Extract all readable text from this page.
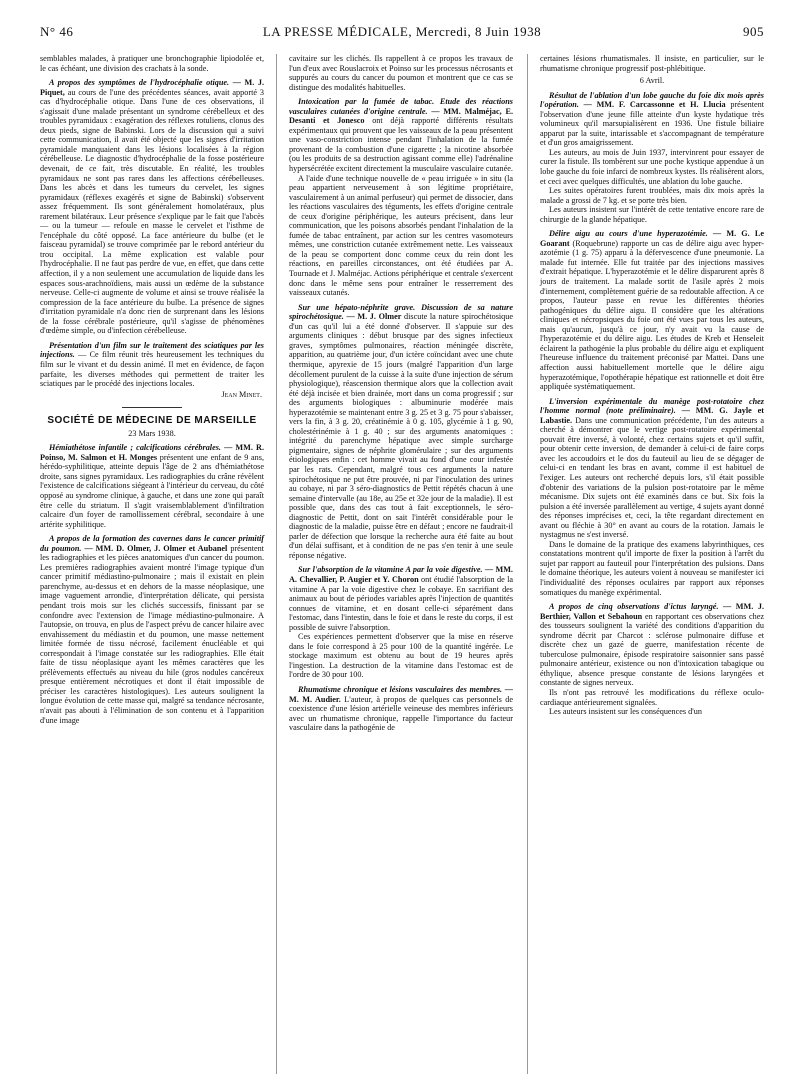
N° 46	LA PRESSE MÉDICALE, Mercredi, 8 Juin 1938	905

semblables malades, à pratiquer une bronchographie lipiodolée et, le cas échéant, une division des crachats à la sonde.

A propos des symptômes de l'hydrocéphalie otique. — M. J. Piquet, au cours de l'une des précédentes séances, avait apporté 3 cas d'hydrocéphalie otique. Dans l'une de ces observations, il s'agissait d'une malade présentant un syndrome cérébelleux et des troubles pyramidaux : exagération des réflexes rotuliens, clonus des deux pieds, signe de Babinski. Lors de la discussion qui a suivi cette communication, il avait été objecté que les signes d'irritation pyramidale manquaient dans les lésions localisées à la région cérébelleuse. Le diagnostic d'hydrocéphalie de la fosse postérieure devenait, de ce fait, très discutable. En réalité, les troubles pyramidaux ne sont pas rares dans les affections cérébelleuses. Dans les abcès et dans les tumeurs du cervelet, les signes pyramidaux (réflexes exagérés et signe de Babinski) s'observent assez fréquemment. Ils sont généralement homolatéraux, plus rarement bilatéraux. Leur présence s'explique par le fait que l'abcès — ou la tumeur — refoule en masse le cervelet et l'isthme de l'encéphale du côté opposé. La face antérieure du bulbe (et le faisceau pyramidal) se trouve comprimée par le rebord antérieur du trou occipital. La même explication est valable pour l'hydrocéphalie. Il ne faut pas perdre de vue, en effet, que dans cette affection, il y a non seulement une accumulation de liquide dans les espaces sous-arachnoïdiens, mais aussi un œdème de la substance nerveuse. Celle-ci augmente de volume et ainsi se trouve réalisée la compression de la face antérieure du bulbe. La présence de signes d'irritation pyramidale n'a donc rien de surprenant dans les lésions de la fosse cérébrale postérieure, qu'il s'agisse de phénomènes d'œdème simple, ou d'infection cérébelleuse.

Présentation d'un film sur le traitement des sciatiques par les injections. — Ce film réunit très heureusement les techniques du film sur le vivant et du dessin animé. Il met en évidence, de façon parfaite, les diverses méthodes qui permettent de traiter les sciatiques par le procédé des injections locales.

Jean Minet.

SOCIÉTÉ DE MÉDECINE DE MARSEILLE

23 Mars 1938.

Hémiathétose infantile ; calcifications cérébrales. — MM. R. Poinso, M. Salmon et H. Monges présentent une enfant de 9 ans, hérédo-syphilitique, atteinte depuis l'âge de 2 ans d'hémiathétose droite, sans signes pyramidaux. Les radiographies du crâne révèlent l'existence de calcifications siégeant à l'intérieur du cerveau, du côté opposé au syndrome clinique, à gauche, et dans une zone qui paraît être celle du striatum. Il s'agit vraisemblablement d'infiltration calcaire d'un foyer de ramollissement cérébral, secondaire à une artérite syphilitique.

A propos de la formation des cavernes dans le cancer primitif du poumon. — MM. D. Olmer, J. Olmer et Aubanel présentent les radiographies et les pièces anatomiques d'un cancer du poumon. Les premières radiographies avaient montré l'image typique d'un cancer primitif médiastino-pulmonaire ; mais il existait en plein parenchyme, au-dessus et en dehors de la masse néoplasique, une image vaguement arrondie, d'interprétation délicate, qui persista pendant trois mois sur les clichés successifs, finissant par se confondre avec l'extension de l'image médiastino-pulmonaire. A l'autopsie, on trouva, en plus de l'aspect prévu de cancer hilaire avec envahissement du médiastin et du poumon, une masse nettement limitée formée de tissu nécrosé, facilement énucléable et qui correspondait à l'image constatée sur les radiographies. Elle était faite de tissu néoplasique ayant les mêmes caractères que les prélèvements effectués au niveau du hile (gros nodules cancéreux presque entièrement nécrotiques et dont il était impossible de préciser les caractères histologiques). Les auteurs soulignent la longue évolution de cette masse qui, malgré sa tendance nécrosante, n'avait pas abouti à l'élimination de son contenu et à l'apparition d'une image

cavitaire sur les clichés. Ils rappellent à ce propos les travaux de l'un d'eux avec Rouslacroix et Poinso sur les processus nécrosants et suppurés au cours du cancer du poumon et montrent que ce cas se distingue des modalités habituelles.

Intoxication par la fumée de tabac. Etude des réactions vasculaires cutanées d'origine centrale. — MM. Malméjac, E. Desanti et Jonesco ont déjà rapporté différents résultats expérimentaux qui prouvent que les vaisseaux de la peau présentent une vaso-constriction intense pendant l'inhalation de la fumée provenant de la combustion d'une cigarette ; la nicotine absorbée (ou les produits de sa destruction agissant comme elle) l'adrénaline hypersécrétée excitent directement la musculaire vasculaire cutanée.

A l'aide d'une technique nouvelle de « peau irriguée » in situ (la peau appartient nerveusement à son légitime propriétaire, vasculairement à un animal perfuseur) qui permet de dissocier, dans les réactions vasculaires des téguments, les effets d'origine centrale de ceux d'origine périphérique, les auteurs précisent, dans leur communication, que les poisons absorbés pendant l'inhalation de la fumée de tabac entraînent, par action sur les centres vasomoteurs mêmes, une constriction cutanée extrêmement nette. Les vaisseaux de la peau se comportent donc comme ceux du rein dont les réactions, en pareilles circonstances, ont été étudiées par A. Tournade et J. Malméjac. Actions périphérique et centrale s'exercent donc dans le même sens pour entraîner le resserrement des vaisseaux cutanés.

Sur une hépato-néphrite grave. Discussion de sa nature spirochétosique. — M. J. Olmer discute la nature spirochétosique d'un cas qu'il lui a été donné d'observer. Il s'appuie sur des arguments cliniques : début brusque par des signes infectieux graves, symptômes pulmonaires, réaction méningée discrète, apparition, au quatrième jour, d'un ictère coïncidant avec une chute thermique, apyrexie de 15 jours (malgré l'apparition d'un large décollement purulent de la cuisse à la suite d'une injection de sérum physiologique), réascension thermique alors que la collection avait été déjà incisée et bien drainée, mort dans un coma progressif ; sur des arguments biologiques : albuminurie modérée mais hyperazotémie se maintenant entre 3 g. 25 et 3 g. 75 pour s'abaisser, vers la fin, à 3 g. 20, créatinémie à 0 g. 105, glycémie à 1 g. 90, cholestérinémie à 1 g. 40 ; sur des arguments anatomiques : intégrité du parenchyme hépatique avec simple surcharge pigmentaire, signes de néphrite glomérulaire ; sur des arguments étiologiques enfin : cet homme vivait au fond d'une cour infestée par les rats. Cependant, malgré tous ces arguments la nature spirochétosique ne put être prouvée, ni par l'inoculation des urines au cobaye, ni par 3 séro-diagnostics de Pettit répétés chacun à une semaine d'intervalle (au 18e, au 25e et 32e jour de la maladie). Il est possible que, dans des cas tout à fait exceptionnels, le séro-diagnostic de Pettit, dont on sait l'intérêt considérable pour le diagnostic de la maladie, puisse être en défaut ; encore ne faudrait-il parler de défection que lorsque la recherche aura été faite au bout d'un délai suffisant, et à condition de ne pas s'en tenir à une seule réponse négative.

Sur l'absorption de la vitamine A par la voie digestive. — MM. A. Chevallier, P. Augier et Y. Choron ont étudié l'absorption de la vitamine A par la voie digestive chez le cobaye. En sacrifiant des animaux au bout de périodes variables après l'injection de quantités connues de vitamine, et en dosant celle-ci séparément dans l'estomac, dans l'intestin, dans le foie et dans le reste du corps, il est possible de suivre l'absorption.

Ces expériences permettent d'observer que la mise en réserve dans le foie correspond à 25 pour 100 de la quantité ingérée. Le stockage maximum est obtenu au bout de 19 heures après l'ingestion. La destruction de la vitamine dans l'estomac est de l'ordre de 30 pour 100.

Rhumatisme chronique et lésions vasculaires des membres. — M. M. Audier. L'auteur, à propos de quelques cas personnels de coexistence d'une lésion artérielle veineuse des membres inférieurs avec un rhumatisme chronique, rappelle l'importance du facteur vasculaire dans la pathogénie de

certaines lésions rhumatismales. Il insiste, en particulier, sur le rhumatisme chronique progressif post-phlébitique.

6 Avril.

Résultat de l'ablation d'un lobe gauche du foie dix mois après l'opération. — MM. F. Carcassonne et H. Llucia présentent l'observation d'une jeune fille atteinte d'un kyste hydatique très volumineux qu'il marsupialisèrent en 1936. Une fistule biliaire apparut par la suite, intarissable et s'accompagnant de température et d'un gros amaigrissement.

Les auteurs, au mois de Juin 1937, intervinrent pour essayer de curer la fistule. Ils tombèrent sur une poche kystique appendue à un lobe gauche du foie infarci de nombreux kystes. Ils réalisèrent alors, et ceci avec quelques difficultés, une ablation du lobe gauche.

Les suites opératoires furent troublées, mais dix mois après la malade a grossi de 7 kg. et se porte très bien.

Les auteurs insistent sur l'intérêt de cette tentative encore rare de chirurgie de la glande hépatique.

Délire aigu au cours d'une hyperazotémie. — M. G. Le Goarant (Roquebrune) rapporte un cas de délire aigu avec hyper-azotémie (1 g. 75) apparu à la défervescence d'une pneumonie. La malade fut internée. Elle fut traitée par des injections massives d'extrait hépatique. L'hyperazotémie et le délire disparurent après 8 jours de traitement. La malade sortit de l'asile après 2 mois d'internement, complètement guérie de sa redoutable affection. A ce propos, l'auteur passe en revue les différentes théories pathogéniques du délire aigu. Il considère que les altérations cliniques et nécropsiques du foie ont été vues par tous les auteurs, mais qu'aucun, jusqu'à ce jour, n'y avait vu la cause de l'hyperazotémie et du délire aigu. Les études de Kreb et Henseleit éclairent la pathogénie la plus probable du délire aigu et expliquent l'heureuse influence du traitement préconisé par Mattei. Dans une affection aussi habituellement mortelle que le délire aigu hyperazotémique, l'opothérapie hépatique est rationnelle et doit être appliquée systématiquement.

L'inversion expérimentale du manège post-rotatoire chez l'homme normal (note préliminaire). — MM. G. Jayle et Labastie. Dans une communication précédente, l'un des auteurs a cherché à démontrer que le vertige post-rotatoire expérimental pouvait être inversé, à volonté, chez certains sujets et qu'il suffit, pour obtenir cette inversion, de demander à celui-ci de faire corps avec les accoudoirs et le dos du fauteuil au lieu de se dégager de celui-ci en tendant les bras en avant, comme il est habituel de l'exiger. Les auteurs ont recherché depuis lors, s'il était possible d'obtenir des variations de la pulsion post-rotatoire par le même mécanisme. Dix sujets ont été examinés dans ce but. Six fois la pulsion a été inversée parallèlement au vertige, 4 sujets ayant donné des réponses imprécises et, ceci, la tête regardant directement en avant ou fléchie à 30° en avant au cours de la rotation. Jamais le nystagmus ne s'est inversé.

Dans le domaine de la pratique des examens labyrinthiques, ces constatations montrent qu'il importe de fixer la position à l'arrêt du sujet par rapport au fauteuil pour l'interprétation des pulsions. Dans le domaine théorique, les auteurs voient à nouveau se manifester ici l'individualité des réponses oculaires par rapport aux réponses somatiques du manège expérimental.

A propos de cinq observations d'ictus laryngé. — MM. J. Berthier, Vallon et Sebahoun en rapportant ces observations chez des tousseurs soulignent la variété des conditions d'apparition du syndrome décrit par Charcot : sclérose pulmonaire diffuse et discrète chez un gazé de guerre, manifestation récente de tuberculose pulmonaire, épisode respiratoire saisonnier sans passé pulmonaire antérieur, existence ou non d'intoxication tabagique ou éthylique, absence presque constante de lésions laryngées et constante de signes nerveux.

Ils n'ont pas retrouvé les modifications du réflexe oculo-cardiaque antérieurement signalées.

Les auteurs insistent sur les conséquences d'un
